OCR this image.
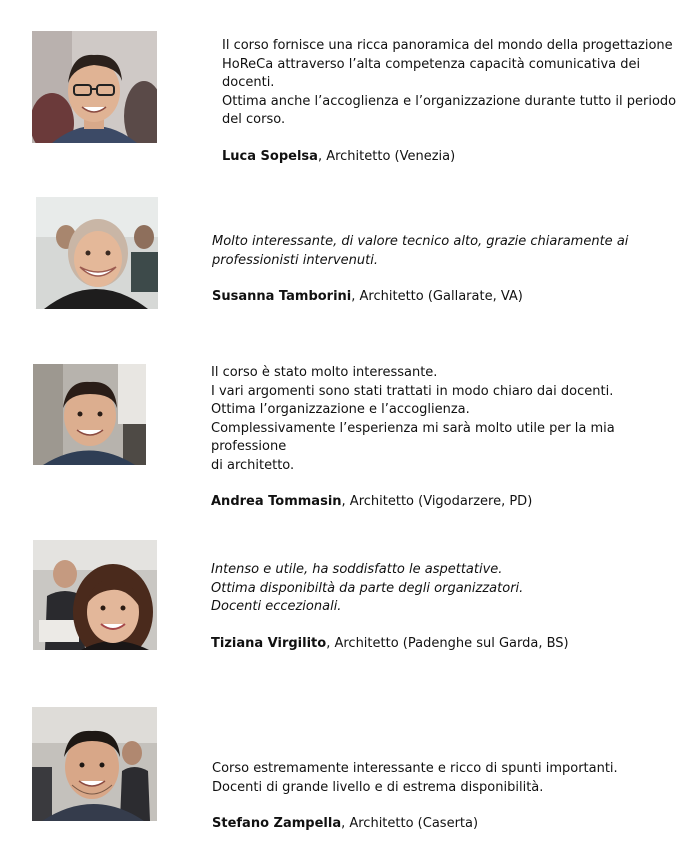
Il corso fornisce una ricca panoramica del mondo della progettazione

HoReCa attraverso l’alta competenza capacità comunicativa dei docenti.

Ottima anche l’accoglienza e l’organizzazione durante tutto il periodo

del corso.

Luca Sopelsa, Architetto (Venezia)

Molto interessante, di valore tecnico alto, grazie chiaramente ai

professionisti intervenuti.

Susanna Tamborini, Architetto (Gallarate, VA)

Il corso è stato molto interessante.

I vari argomenti sono stati trattati in modo chiaro dai docenti.

Ottima l’organizzazione e l’accoglienza.

Complessivamente l’esperienza mi sarà molto utile per la mia professione

di architetto.

Andrea Tommasin, Architetto (Vigodarzere, PD)

Intenso e utile, ha soddisfatto le aspettative.

Ottima disponibiltà da parte degli organizzatori.

Docenti eccezionali.

Tiziana Virgilito, Architetto (Padenghe sul Garda, BS)

Corso estremamente interessante e ricco di spunti importanti.

Docenti di grande livello e di estrema disponibilità.

Stefano Zampella, Architetto (Caserta)
